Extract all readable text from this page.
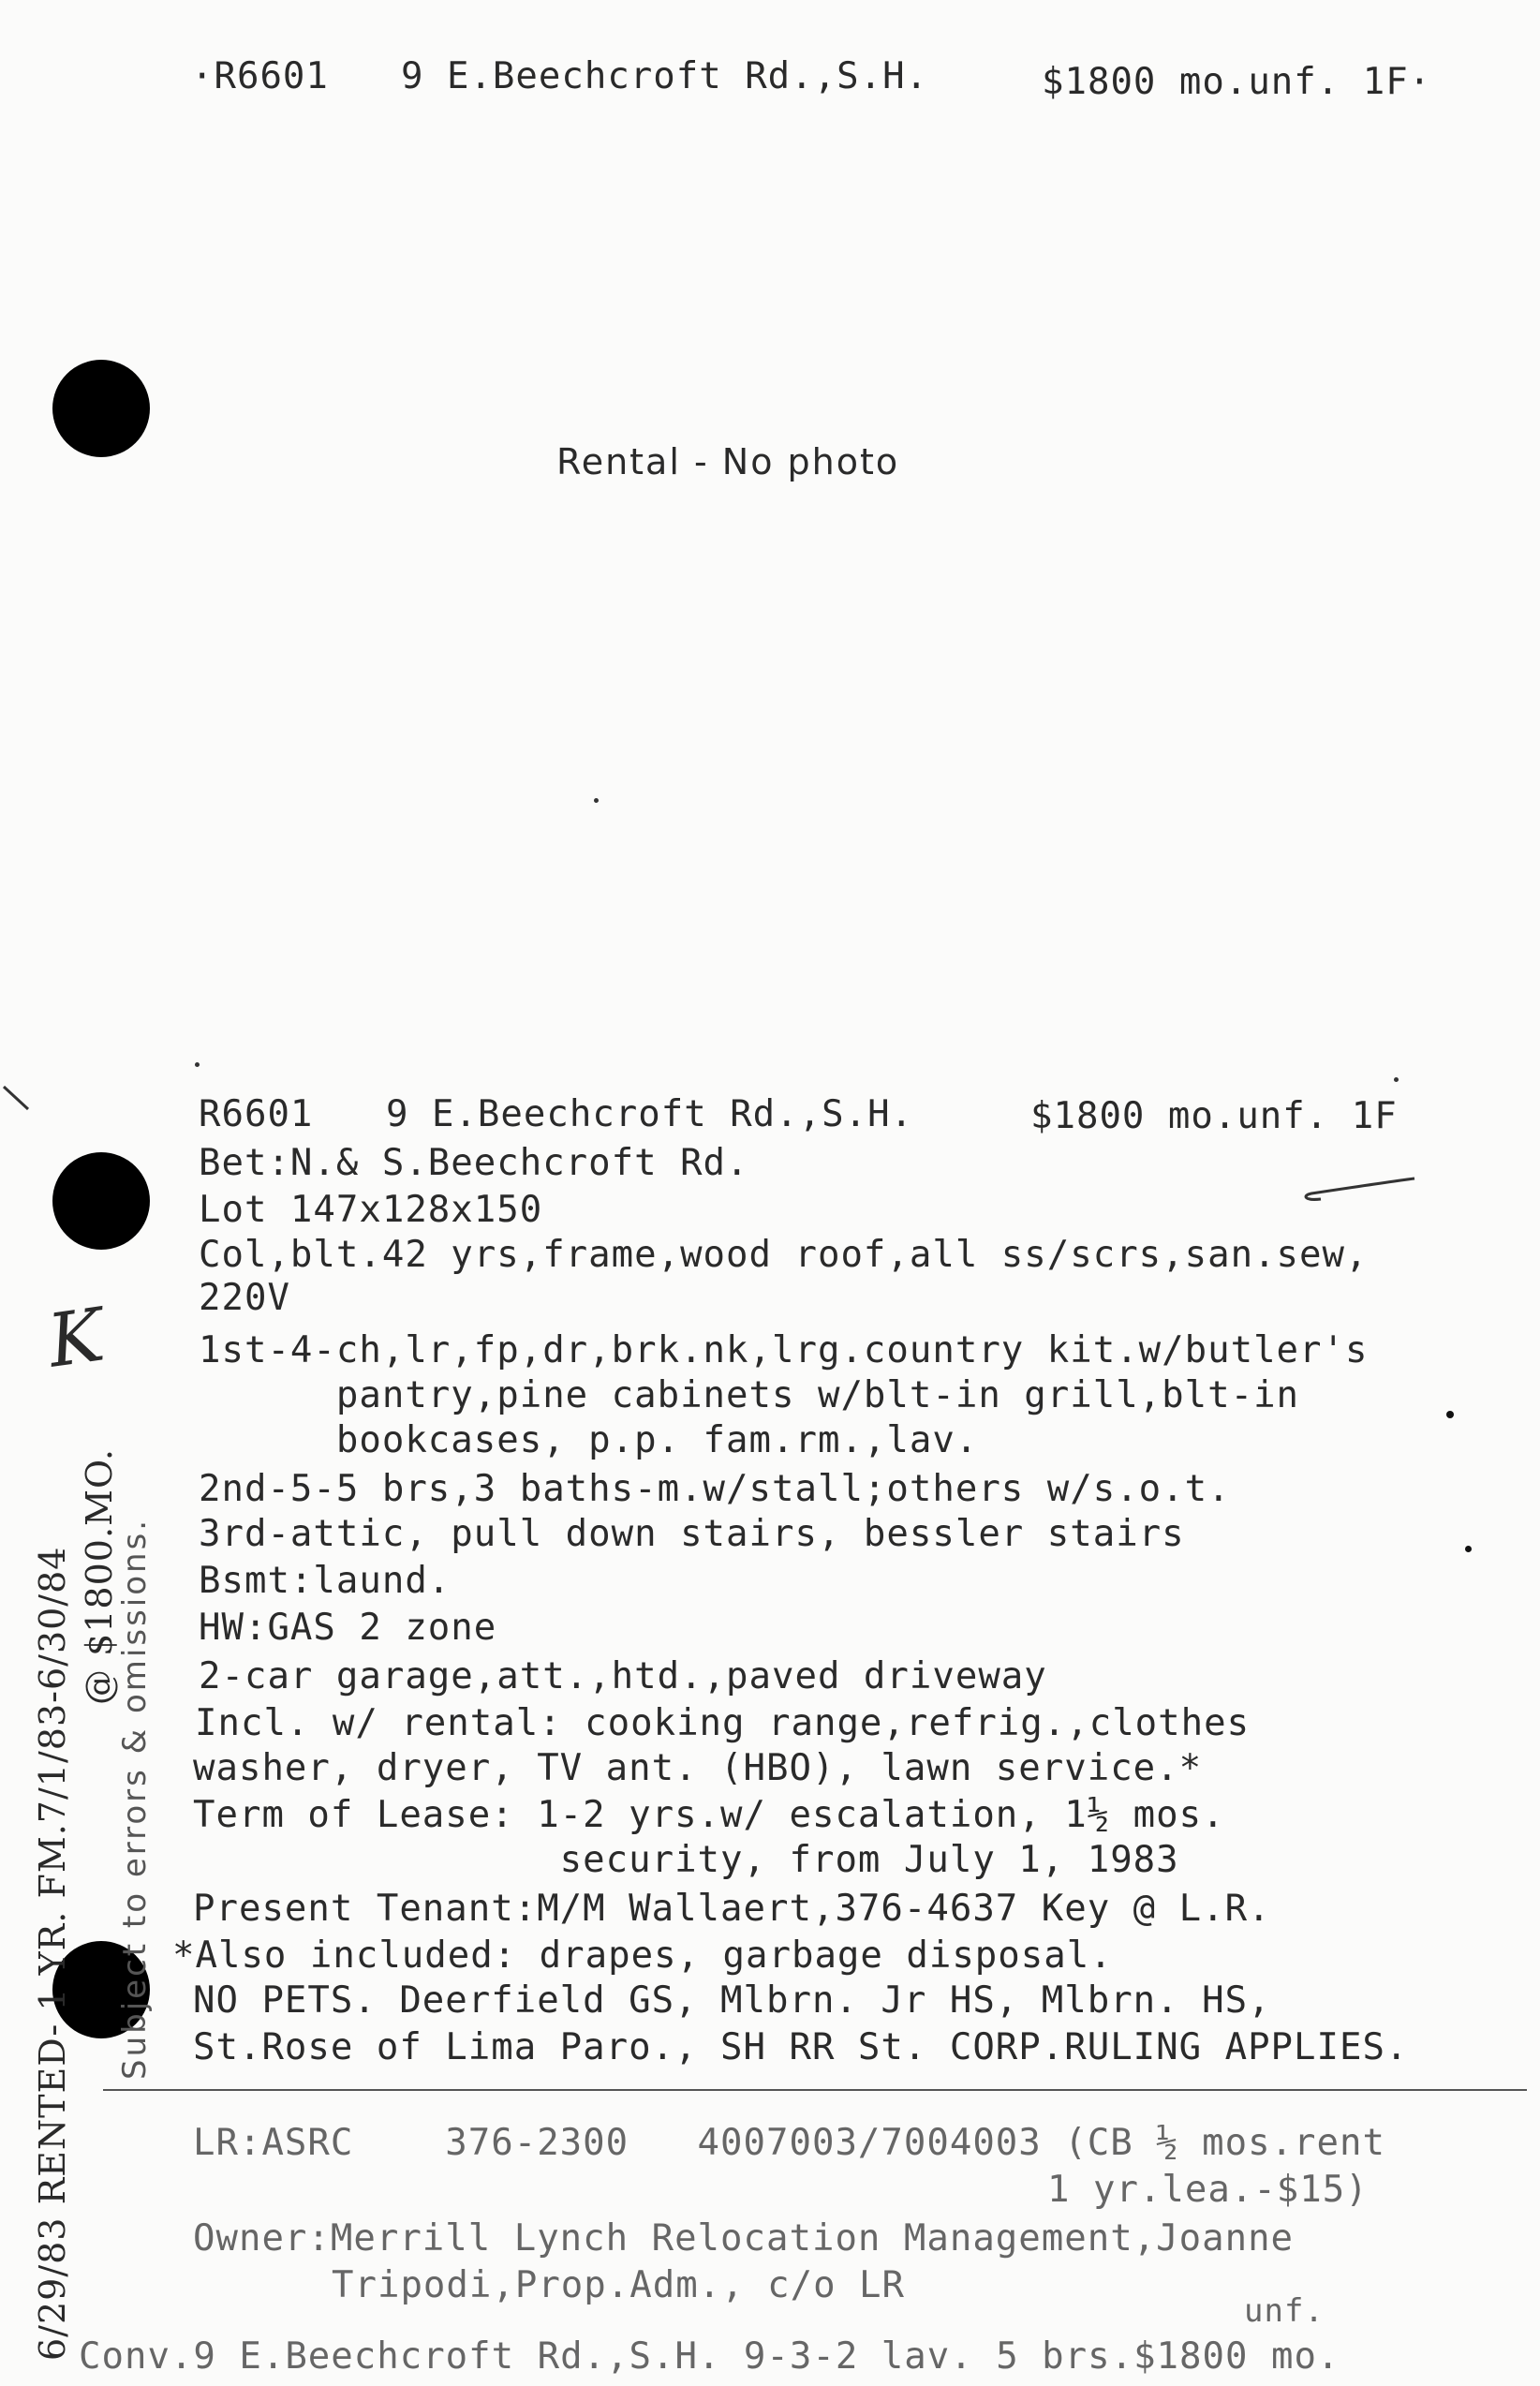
·R6601 9 E.Beechcroft Rd.,S.H.	$1800 mo.unf. 1F·
Rental - No photo
R6601 9 E.Beechcroft Rd.,S.H.	$1800 mo.unf. 1F
Bet:N.& S.Beechcroft Rd.
Lot 147x128x150
Col,blt.42 yrs,frame,wood roof,all ss/scrs,san.sew,
220V
1st-4-ch,lr,fp,dr,brk.nk,lrg.country kit.w/butler's
pantry,pine cabinets w/blt-in grill,blt-in
bookcases, p.p. fam.rm.,lav.
2nd-5-5 brs,3 baths-m.w/stall;others w/s.o.t.
3rd-attic, pull down stairs, bessler stairs
Bsmt:laund.
HW:GAS 2 zone
2-car garage,att.,htd.,paved driveway
Incl. w/ rental: cooking range,refrig.,clothes
washer, dryer, TV ant. (HBO), lawn service.*
Term of Lease: 1-2 yrs.w/ escalation, 1½ mos.
security, from July 1, 1983
Present Tenant:M/M Wallaert,376-4637 Key @ L.R.
*Also included: drapes, garbage disposal.
NO PETS. Deerfield GS, Mlbrn. Jr HS, Mlbrn. HS,
St.Rose of Lima Paro., SH RR St. CORP.RULING APPLIES.
LR:ASRC    376-2300   4007003/7004003 (CB ½ mos.rent
1 yr.lea.-$15)
Owner:Merrill Lynch Relocation Management,Joanne
Tripodi,Prop.Adm., c/o LR
unf.
Conv.9 E.Beechcroft Rd.,S.H. 9-3-2 lav. 5 brs.$1800 mo.
6/29/83 RENTED- 1 YR. FM.7/1/83-6/30/84 @ $1800.MO.
Subject to errors & omissions.
K
